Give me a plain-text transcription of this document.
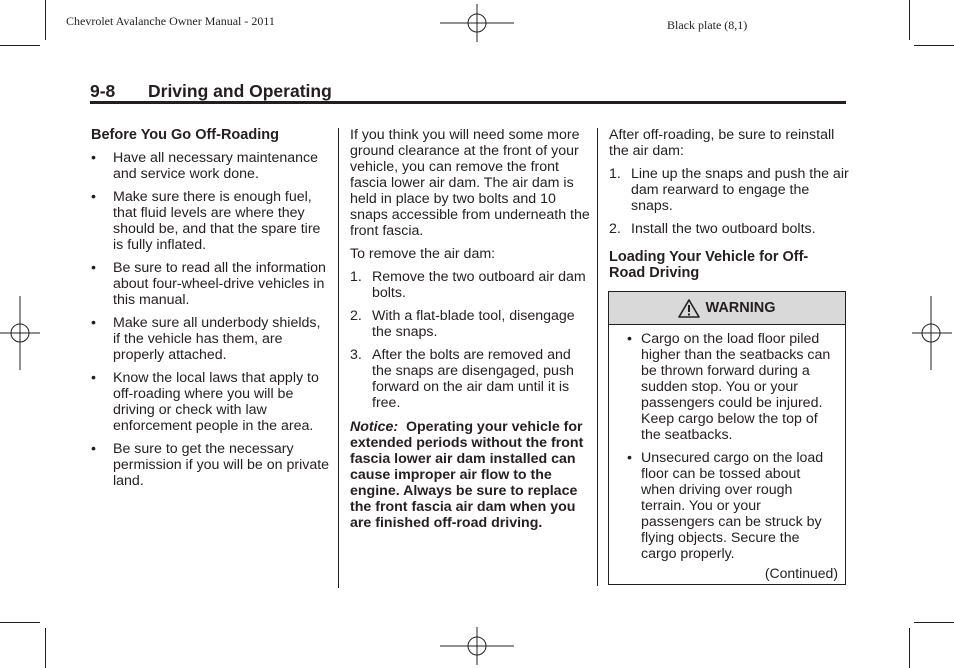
Chevrolet Avalanche Owner Manual - 2011	Black plate (8,1)
9-8 Driving and Operating
Before You Go Off-Roading
• Have all necessary maintenance and service work done.
• Make sure there is enough fuel, that fluid levels are where they should be, and that the spare tire is fully inflated.
• Be sure to read all the information about four-wheel-drive vehicles in this manual.
• Make sure all underbody shields, if the vehicle has them, are properly attached.
• Know the local laws that apply to off-roading where you will be driving or check with law enforcement people in the area.
• Be sure to get the necessary permission if you will be on private land.

If you think you will need some more ground clearance at the front of your vehicle, you can remove the front fascia lower air dam. The air dam is held in place by two bolts and 10 snaps accessible from underneath the front fascia.

To remove the air dam:

1. Remove the two outboard air dam bolts.
2. With a flat-blade tool, disengage the snaps.
3. After the bolts are removed and the snaps are disengaged, push forward on the air dam until it is free.

Notice: Operating your vehicle for extended periods without the front fascia lower air dam installed can cause improper air flow to the engine. Always be sure to replace the front fascia air dam when you are finished off-road driving.

After off-roading, be sure to reinstall the air dam:

1. Line up the snaps and push the air dam rearward to engage the snaps.
2. Install the two outboard bolts.
Loading Your Vehicle for Off-Road Driving
WARNING
• Cargo on the load floor piled higher than the seatbacks can be thrown forward during a sudden stop. You or your passengers could be injured. Keep cargo below the top of the seatbacks.
• Unsecured cargo on the load floor can be tossed about when driving over rough terrain. You or your passengers can be struck by flying objects. Secure the cargo properly.
(Continued)
